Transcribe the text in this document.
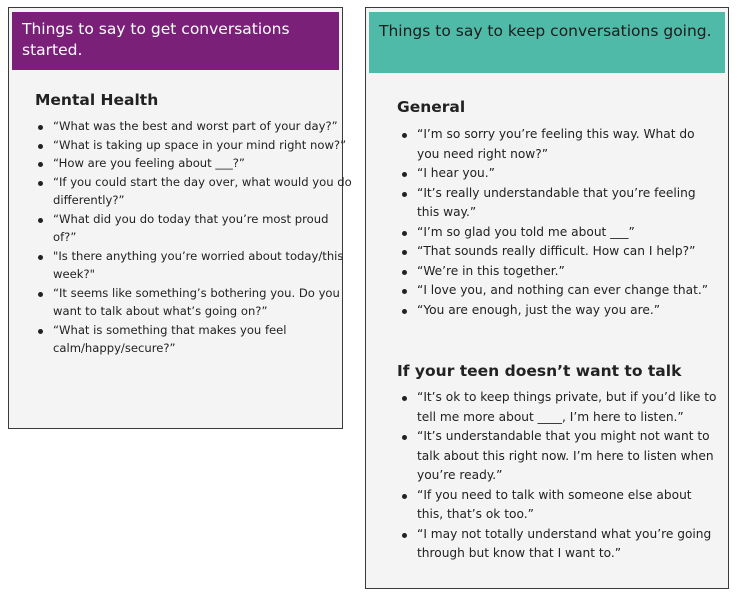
Things to say to get conversations started.
Mental Health
“What was the best and worst part of your day?”
“What is taking up space in your mind right now?”
“How are you feeling about ___?”
“If you could start the day over, what would you do differently?”
“What did you do today that you’re most proud of?”
"Is there anything you’re worried about today/this week?"
“It seems like something’s bothering you. Do you want to talk about what’s going on?”
“What is something that makes you feel calm/happy/secure?”
Things to say to keep conversations going.
General
“I’m so sorry you’re feeling this way. What do you need right now?”
“I hear you.”
“It’s really understandable that you’re feeling this way.”
“I’m so glad you told me about ___”
“That sounds really difficult. How can I help?”
“We’re in this together.”
“I love you, and nothing can ever change that.”
“You are enough, just the way you are.”
If your teen doesn’t want to talk
“It’s ok to keep things private, but if you’d like to tell me more about ____, I’m here to listen.”
“It’s understandable that you might not want to talk about this right now. I’m here to listen when you’re ready.”
“If you need to talk with someone else about this, that’s ok too.”
“I may not totally understand what you’re going through but know that I want to.”
